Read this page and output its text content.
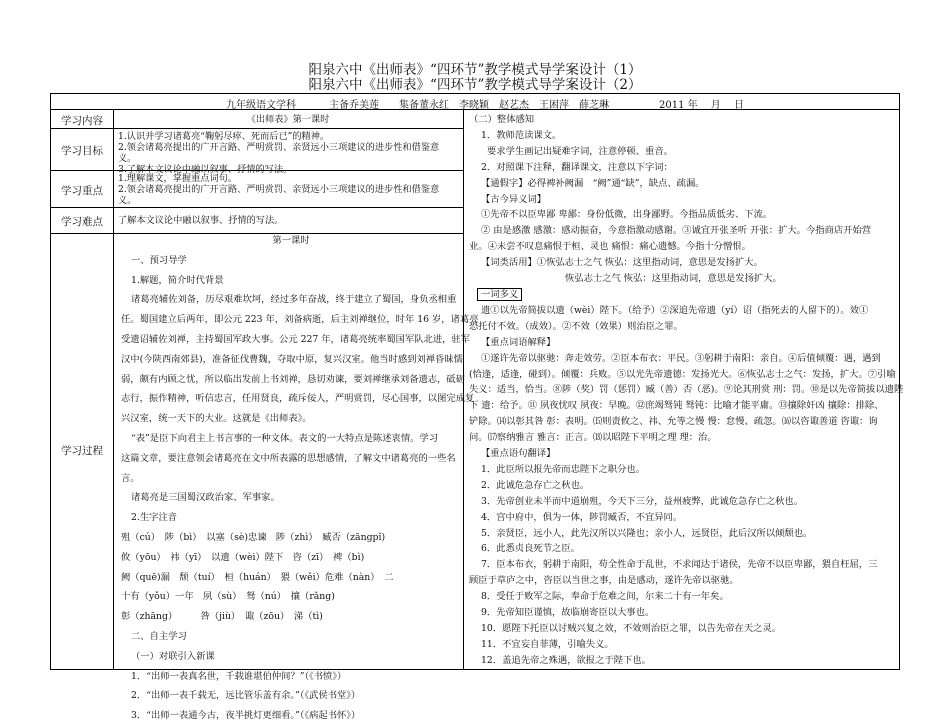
阳泉六中《出师表》“四环节”教学模式导学案设计（1）
阳泉六中《出师表》“四环节”教学模式导学案设计（2）
九年级语文学科	主备乔美莲 集备董永红　李晓颖　赵艺杰　王困萍　薛芝琳	2011 年　 月　 日
学习内容
学习目标
学习重点
学习难点
学习过程
《出师表》第一课时
1.认识并学习诸葛亮“鞠躬尽瘁、死而后已”的精神。
2.领会诸葛亮提出的广开言路、严明赏罚、亲贤远小三项建议的进步性和借鉴意
义。
3.了解本文议论中融以叙事、抒情的写法。
1.理解课文，掌握重点词句。
2.领会诸葛亮提出的广开言路、严明赏罚、亲贤远小三项建议的进步性和借鉴意
义。
了解本文议论中融以叙事、抒情的写法。

第一课时

一、预习导学

1.解题，简介时代背景

诸葛亮辅佐刘备，历尽艰难坎坷，经过多年奋战，终于建立了蜀国，身负丞相重

任。蜀国建立后两年，即公元 223 年，刘备病逝，后主刘禅继位，时年 16 岁，诸葛亮

受遗诏辅佐刘禅，主持蜀国军政大事。公元 227 年，诸葛亮统率蜀国军队北进，驻军

汉中(今陕西南郊县)，准备征伐曹魏，夺取中原，复兴汉室。他当时感到刘禅昏昧懦

弱，颇有内顾之忧，所以临出发前上书刘禅，恳切劝谏，要刘禅继承刘备遗志，砥砺

志行，振作精神，听信忠言，任用贤良，疏斥佞人，严明赏罚，尽心国事，以图完成复

兴汉室，统一天下的大业。这就是《出师表》。

“表”是臣下向君主上书言事的一种文体。表文的一大特点是陈述衷情。学习

这篇文章，要注意领会诸葛亮在文中所表露的思想感情，了解文中诸葛亮的一些名

言。

诸葛亮是三国蜀汉政治家、军事家。

2.生字注音

殂（cú）　陟（bì）　以塞（sè)忠谏　陟（zhì）　臧否（zāngpǐ)

攸（yōu）　袆（yī）　以遗（wèi）陛下　咨（zī）　裨（bì)

阙（quē)漏　颓（tuí）　桓（huán）　猥（wěi）危难（nàn）　二

十有（yǒu）一年　夙（sù）　驽（nú）　攘（rǎng)

彰（zhāng）　　　咎（jiù）　诹（zōu）　涕（tì)

二、自主学习

（一）对联引入新课

1．“出师一表真名世，千载谁堪伯仲间？”（《书愤》）

2．“出师一表千载无，远比管乐盖有余。”（《武侯书堂》）

3．“出师一表通今古，夜半挑灯更细看。”（《病起书怀》）

（二）整体感知

1．教师范读课文。

要求学生画记出疑难字词，注意停顿、重音。

2．对照课下注释，翻译课文，注意以下字词：

【通假字】必得裨补阙漏　“阙”通“缺”，缺点、疏漏。

【古今异义词】

①先帝不以臣卑鄙 卑鄙：身份低微，出身鄙野。今指品质低劣、下流。

② 由是感激 感激：感动振奋，今意指激动感谢。③诚宜开张圣听 开张：扩大。今指商店开始营

业。④未尝不叹息痛恨于桓、灵也 痛恨：痛心遗憾。今指十分憎恨。

【词类活用】①恢弘志士之气 恢弘：这里指动词，意思是发扬扩大。

恢弘志士之气 恢弘：这里指动词，意思是发扬扩大。

一词多义

遗①以先帝简拔以遗（wèi）陛下。（给予）②深追先帝遗（yí）诏（指死去的人留下的）。效①

恐托付不效。（成效）。②不效（效果）则治臣之罪。

【重点词语解释】

①遂许先帝以驱驰：奔走效劳。②臣本布衣：平民。③躬耕于南阳：亲自。④后值倾覆：遇，遇到

(恰逢，适逢，碰到）。倾覆：兵败。⑤以光先帝遗德：发扬光大。⑥恢弘志士之气：发扬，扩大。⑦引喻

失义：适当，恰当。⑧陟（奖）罚（惩罚）臧（善）否（恶)。⑨论其刑赏 刑：罚。⑩是以先帝简拔以遗陛

下 遗：给予。⑪ 夙夜忧叹 夙夜：早晚。⑫庶竭驽钝 驽钝：比喻才能平庸。⑬攘除奸凶 攘除：排除、

铲除。⒁以彰其咎 彰：表明。⒂则责攸之、祎、允等之慢 慢：怠慢、疏忽。⒃以咨诹善道 咨诹：询

问。⒄察纳雅言 雅言：正言。⒅以昭陛下平明之理 理：治。

【重点语句翻译】

1．此臣所以报先帝而忠陛下之职分也。

2．此诚危急存亡之秋也。

3．先帝创业未半而中道崩殂，今天下三分，益州疲弊，此诚危急存亡之秋也。

4．宫中府中，俱为一体，陟罚臧否，不宜异同。

5．亲贤臣，远小人，此先汉所以兴隆也；亲小人，远贤臣，此后汉所以倾颓也。

6．此悉贞良死节之臣。

7．臣本布衣，躬耕于南阳，苟全性命于乱世，不求闻达于诸侯，先帝不以臣卑鄙，猥自枉屈，三

顾臣于草庐之中，咨臣以当世之事，由是感动，遂许先帝以驱驰。

8．受任于败军之际，奉命于危难之间，尔来二十有一年矣。

9．先帝知臣谨慎，故临崩寄臣以大事也。

10．愿陛下托臣以讨贼兴复之效，不效则治臣之罪，以告先帝在天之灵。

11．不宜妄自菲薄，引喻失义。

12．盖追先帝之殊遇，欲报之于陛下也。
